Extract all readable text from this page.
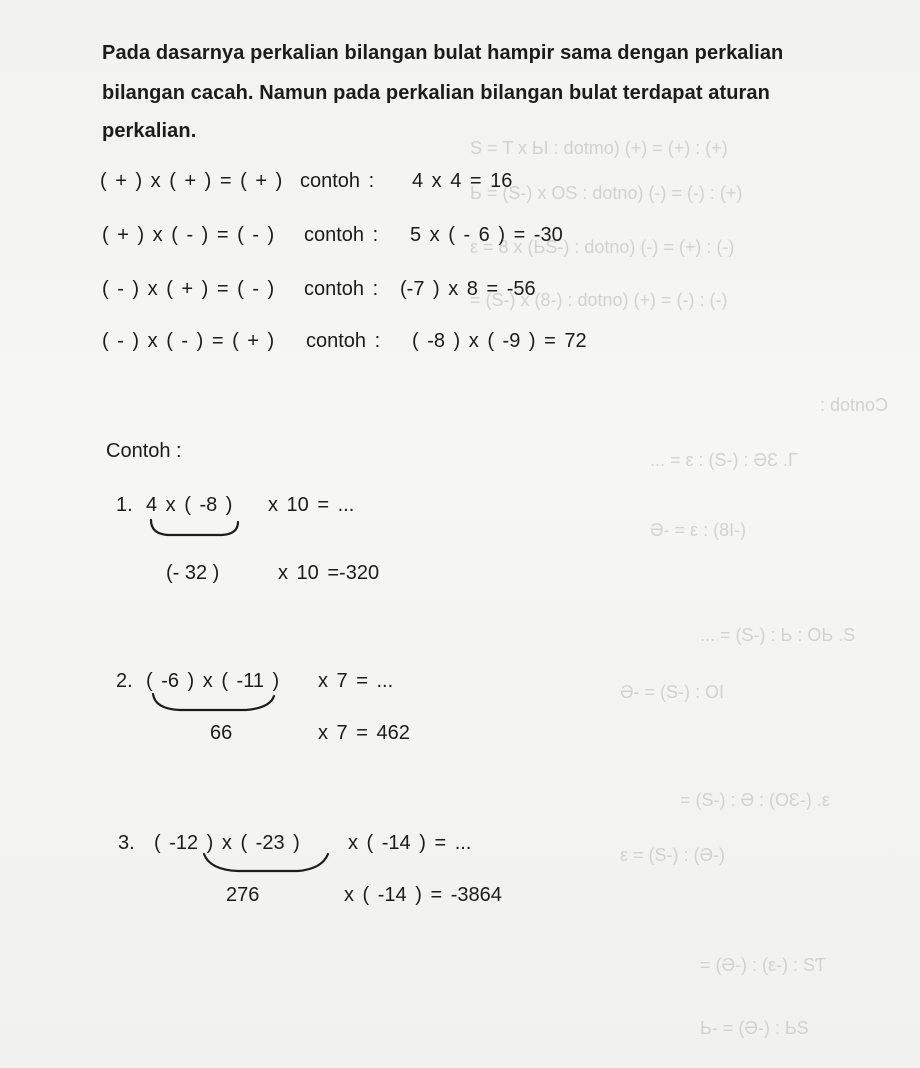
S = T x ЬI : dotmo) (+) = (+) : (+)
Ь = (S-) x OS : dotno) (-) = (-) : (+)
ε = 8 x (ЬS-) : dotno) (-) = (+) : (-)
= (S-) x (8-) : dotno) (+) = (-) : (-)
: dotnoƆ
... = ε : (S-) : ƏƐ .Г
Ə- = ε : (8I-)
... = (S-) : Ь : OЬ .S
Ə- = (S-) : OI
= (S-) : Ə : (OƐ-) .ε
ε = (S-) : (Ə-)
= (Ə-) : (ε-) : SƬ
Ь- = (Ə-) : ЬS
Pada dasarnya perkalian bilangan bulat hampir sama dengan perkalian
bilangan cacah. Namun pada perkalian bilangan bulat terdapat aturan
perkalian.
( + ) x ( + ) = ( + ) contoh : 4 x 4 = 16
( + ) x ( - ) = ( - ) contoh : 5 x ( - 6 ) = -30
( - ) x ( + ) = ( - ) contoh : (-7 ) x 8 = -56
( - ) x ( - ) = ( + ) contoh : ( -8 ) x ( -9 ) = 72
Contoh :
1. 4 x ( -8 ) x 10 = ...
(- 32 )	x 10 =-320
2. ( -6 ) x ( -11 ) x 7 = ...
66	x 7 = 462
3. ( -12 ) x ( -23 ) x ( -14 ) = ...
276	x ( -14 ) = -3864
